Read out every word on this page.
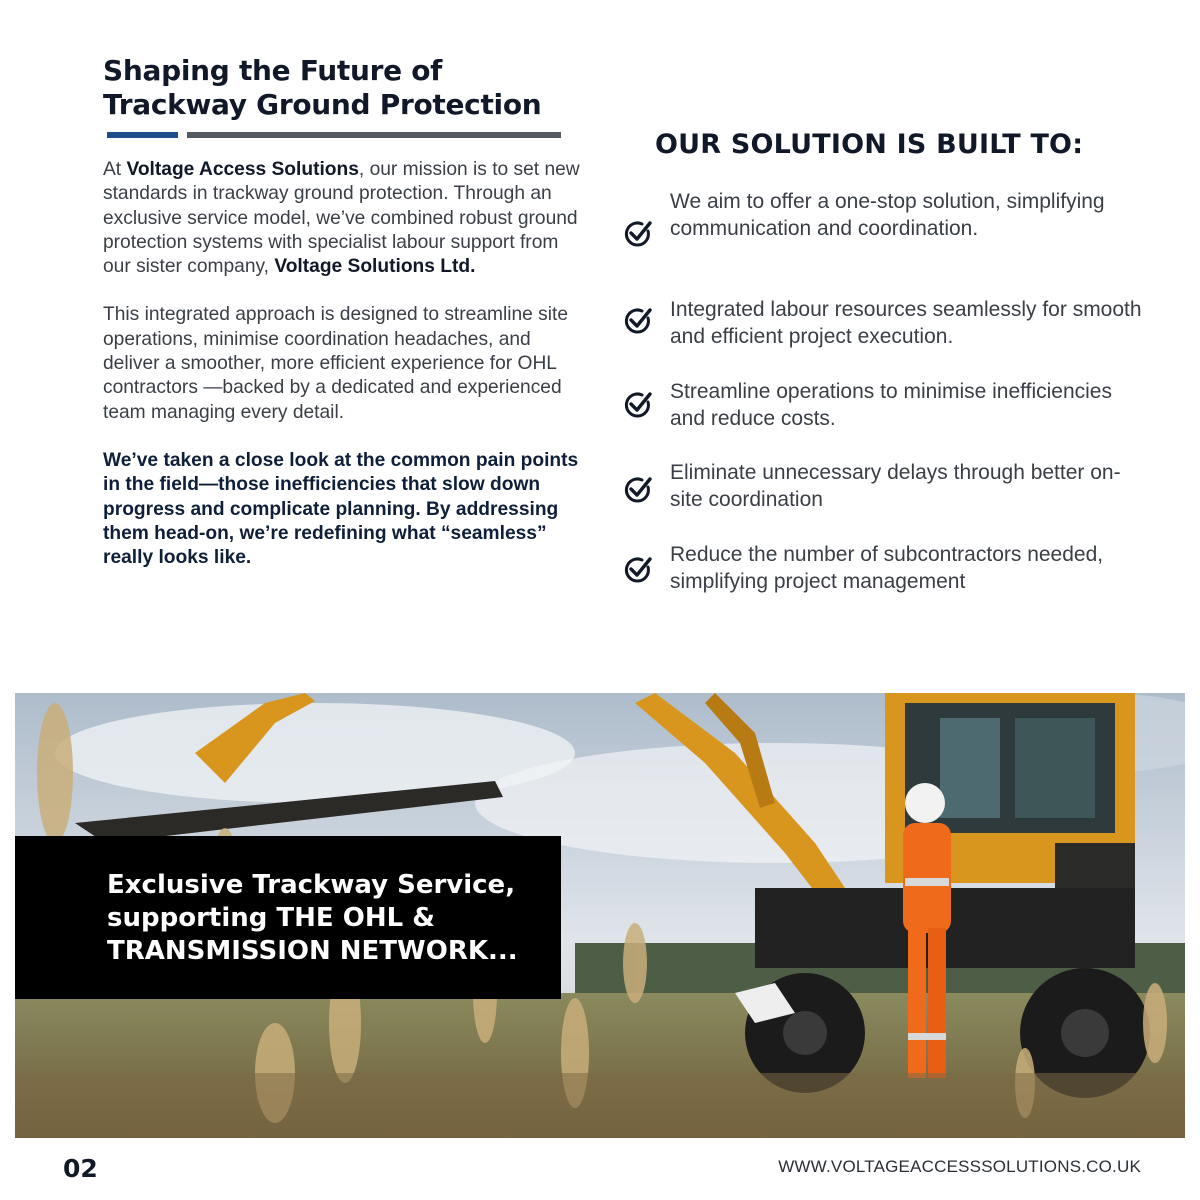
Shaping the Future of
Trackway Ground Protection

At Voltage Access Solutions, our mission is to set new standards in trackway ground protection. Through an exclusive service model, we’ve combined robust ground protection systems with specialist labour support from our sister company, Voltage Solutions Ltd.

This integrated approach is designed to streamline site operations, minimise coordination headaches, and deliver a smoother, more efficient experience for OHL contractors —backed by a dedicated and experienced team managing every detail.

We’ve taken a close look at the common pain points in the field—those inefficiencies that slow down progress and complicate planning. By addressing them head-on, we’re redefining what “seamless” really looks like.

OUR SOLUTION IS BUILT TO:
We aim to offer a one-stop solution, simplifying communication and coordination.
Integrated labour resources seamlessly for smooth and efficient project execution.
Streamline operations to minimise inefficiencies and reduce costs.
Eliminate unnecessary delays through better on-site coordination
Reduce the number of subcontractors needed, simplifying project management
Exclusive Trackway Service,
supporting THE OHL &
TRANSMISSION NETWORK...
02	WWW.VOLTAGEACCESSSOLUTIONS.CO.UK
